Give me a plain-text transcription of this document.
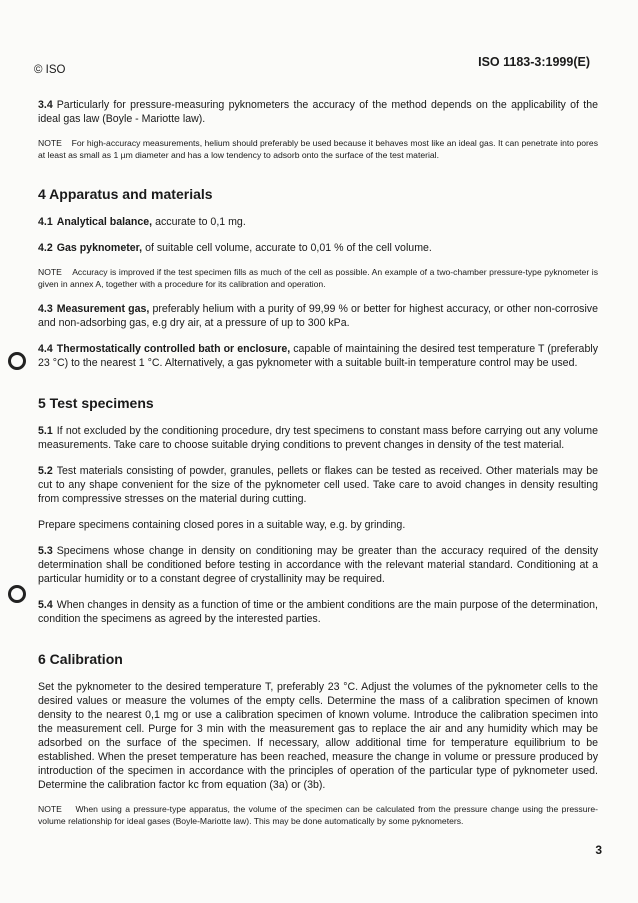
© ISO
ISO 1183-3:1999(E)

3.4 Particularly for pressure-measuring pyknometers the accuracy of the method depends on the applicability of the ideal gas law (Boyle - Mariotte law).

NOTE For high-accuracy measurements, helium should preferably be used because it behaves most like an ideal gas. It can penetrate into pores at least as small as 1 µm diameter and has a low tendency to adsorb onto the surface of the test material.

4 Apparatus and materials

4.1 Analytical balance, accurate to 0,1 mg.

4.2 Gas pyknometer, of suitable cell volume, accurate to 0,01 % of the cell volume.

NOTE Accuracy is improved if the test specimen fills as much of the cell as possible. An example of a two-chamber pressure-type pyknometer is given in annex A, together with a procedure for its calibration and operation.

4.3 Measurement gas, preferably helium with a purity of 99,99 % or better for highest accuracy, or other non-corrosive and non-adsorbing gas, e.g dry air, at a pressure of up to 300 kPa.

4.4 Thermostatically controlled bath or enclosure, capable of maintaining the desired test temperature T (preferably 23 °C) to the nearest 1 °C. Alternatively, a gas pyknometer with a suitable built-in temperature control may be used.

5 Test specimens

5.1 If not excluded by the conditioning procedure, dry test specimens to constant mass before carrying out any volume measurements. Take care to choose suitable drying conditions to prevent changes in density of the test material.

5.2 Test materials consisting of powder, granules, pellets or flakes can be tested as received. Other materials may be cut to any shape convenient for the size of the pyknometer cell used. Take care to avoid changes in density resulting from compressive stresses on the material during cutting.

Prepare specimens containing closed pores in a suitable way, e.g. by grinding.

5.3 Specimens whose change in density on conditioning may be greater than the accuracy required of the density determination shall be conditioned before testing in accordance with the relevant material standard. Conditioning at a particular humidity or to a constant degree of crystallinity may be required.

5.4 When changes in density as a function of time or the ambient conditions are the main purpose of the determination, condition the specimens as agreed by the interested parties.

6 Calibration

Set the pyknometer to the desired temperature T, preferably 23 °C. Adjust the volumes of the pyknometer cells to the desired values or measure the volumes of the empty cells. Determine the mass of a calibration specimen of known density to the nearest 0,1 mg or use a calibration specimen of known volume. Introduce the calibration specimen into the measurement cell. Purge for 3 min with the measurement gas to replace the air and any humidity which may be adsorbed on the surface of the specimen. If necessary, allow additional time for temperature equilibrium to be established. When the preset temperature has been reached, measure the change in volume or pressure produced by introduction of the specimen in accordance with the principles of operation of the particular type of pyknometer used. Determine the calibration factor kc from equation (3a) or (3b).

NOTE When using a pressure-type apparatus, the volume of the specimen can be calculated from the pressure change using the pressure-volume relationship for ideal gases (Boyle-Mariotte law). This may be done automatically by some pyknometers.

3
